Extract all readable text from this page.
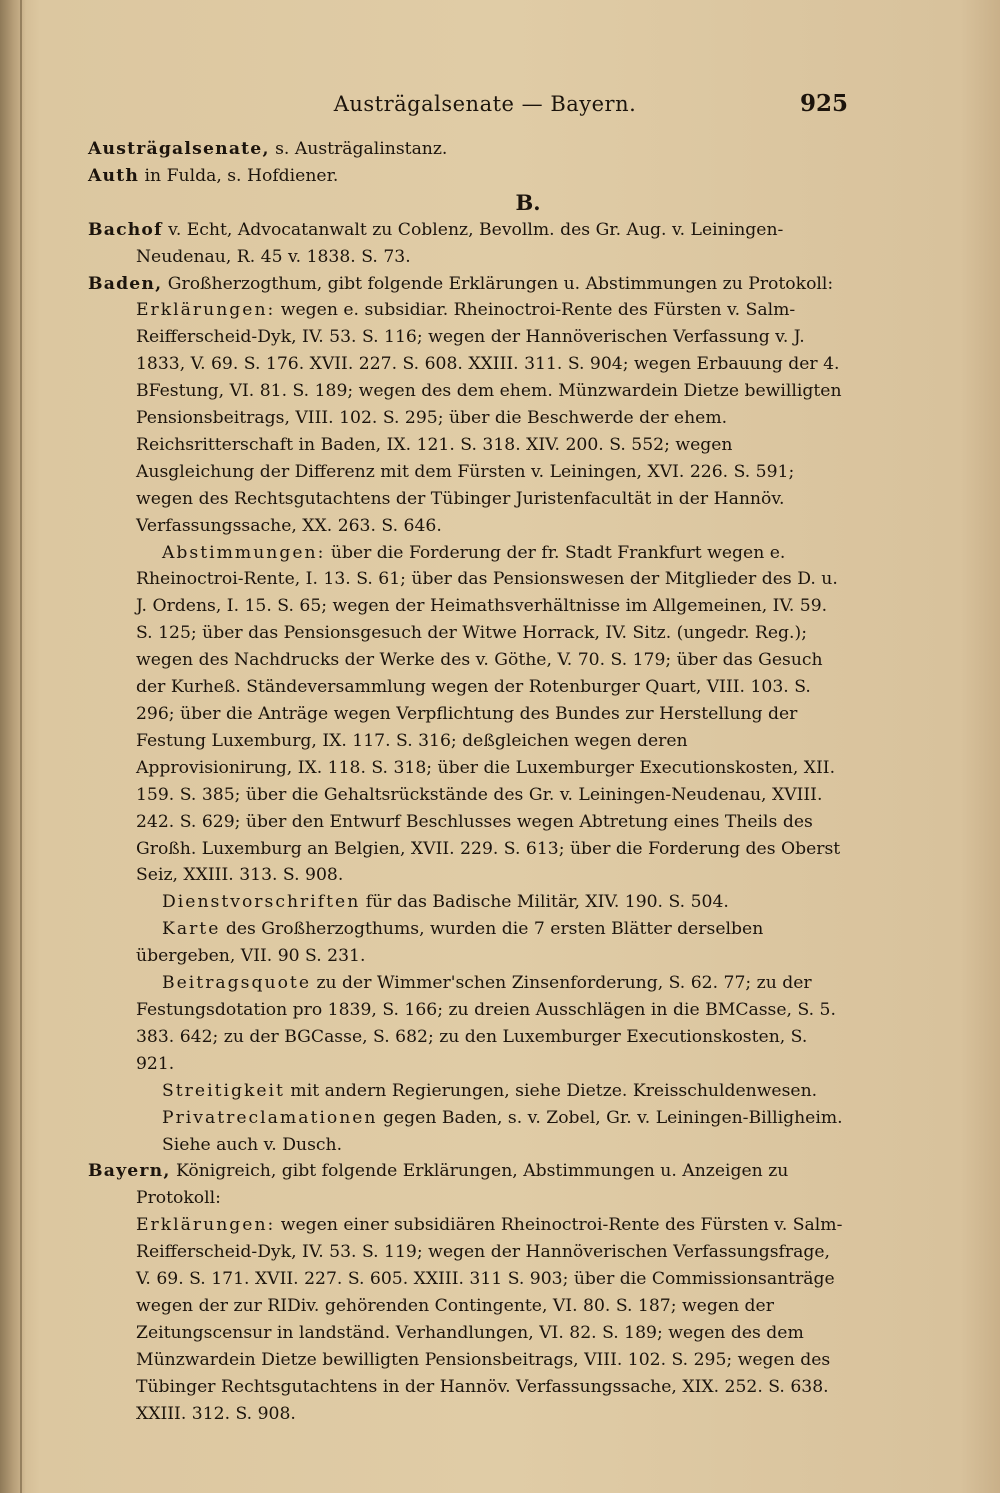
Austrägalsenate — Bayern.	925

Austrägalsenate, s. Austrägalinstanz.

Auth in Fulda, s. Hofdiener.

B.

Bachof v. Echt, Advocatanwalt zu Coblenz, Bevollm. des Gr. Aug. v. Leiningen-Neudenau, R. 45 v. 1838. S. 73.

Baden, Großherzogthum, gibt folgende Erklärungen u. Abstimmungen zu Protokoll:

Erklärungen: wegen e. subsidiar. Rheinoctroi-Rente des Fürsten v. Salm-Reifferscheid-Dyk, IV. 53. S. 116; wegen der Hannöverischen Verfassung v. J. 1833, V. 69. S. 176. XVII. 227. S. 608. XXIII. 311. S. 904; wegen Erbauung der 4. BFestung, VI. 81. S. 189; wegen des dem ehem. Münzwardein Dietze bewilligten Pensionsbeitrags, VIII. 102. S. 295; über die Beschwerde der ehem. Reichsritterschaft in Baden, IX. 121. S. 318. XIV. 200. S. 552; wegen Ausgleichung der Differenz mit dem Fürsten v. Leiningen, XVI. 226. S. 591; wegen des Rechtsgutachtens der Tübinger Juristenfacultät in der Hannöv. Verfassungssache, XX. 263. S. 646.

Abstimmungen: über die Forderung der fr. Stadt Frankfurt wegen e. Rheinoctroi-Rente, I. 13. S. 61; über das Pensionswesen der Mitglieder des D. u. J. Ordens, I. 15. S. 65; wegen der Heimathsverhältnisse im Allgemeinen, IV. 59. S. 125; über das Pensionsgesuch der Witwe Horrack, IV. Sitz. (ungedr. Reg.); wegen des Nachdrucks der Werke des v. Göthe, V. 70. S. 179; über das Gesuch der Kurheß. Ständeversammlung wegen der Rotenburger Quart, VIII. 103. S. 296; über die Anträge wegen Verpflichtung des Bundes zur Herstellung der Festung Luxemburg, IX. 117. S. 316; deßgleichen wegen deren Approvisionirung, IX. 118. S. 318; über die Luxemburger Executionskosten, XII. 159. S. 385; über die Gehaltsrückstände des Gr. v. Leiningen-Neudenau, XVIII. 242. S. 629; über den Entwurf Beschlusses wegen Abtretung eines Theils des Großh. Luxemburg an Belgien, XVII. 229. S. 613; über die Forderung des Oberst Seiz, XXIII. 313. S. 908.

Dienstvorschriften für das Badische Militär, XIV. 190. S. 504.

Karte des Großherzogthums, wurden die 7 ersten Blätter derselben übergeben, VII. 90 S. 231.

Beitragsquote zu der Wimmer'schen Zinsenforderung, S. 62. 77; zu der Festungsdotation pro 1839, S. 166; zu dreien Ausschlägen in die BMCasse, S. 5. 383. 642; zu der BGCasse, S. 682; zu den Luxemburger Executionskosten, S. 921.

Streitigkeit mit andern Regierungen, siehe Dietze. Kreisschuldenwesen.

Privatreclamationen gegen Baden, s. v. Zobel, Gr. v. Leiningen-Billigheim.

Siehe auch v. Dusch.

Bayern, Königreich, gibt folgende Erklärungen, Abstimmungen u. Anzeigen zu Protokoll:

Erklärungen: wegen einer subsidiären Rheinoctroi-Rente des Fürsten v. Salm-Reifferscheid-Dyk, IV. 53. S. 119; wegen der Hannöverischen Verfassungsfrage, V. 69. S. 171. XVII. 227. S. 605. XXIII. 311 S. 903; über die Commissionsanträge wegen der zur RIDiv. gehörenden Contingente, VI. 80. S. 187; wegen der Zeitungscensur in landständ. Verhandlungen, VI. 82. S. 189; wegen des dem Münzwardein Dietze bewilligten Pensionsbeitrags, VIII. 102. S. 295; wegen des Tübinger Rechtsgutachtens in der Hannöv. Verfassungssache, XIX. 252. S. 638. XXIII. 312. S. 908.
